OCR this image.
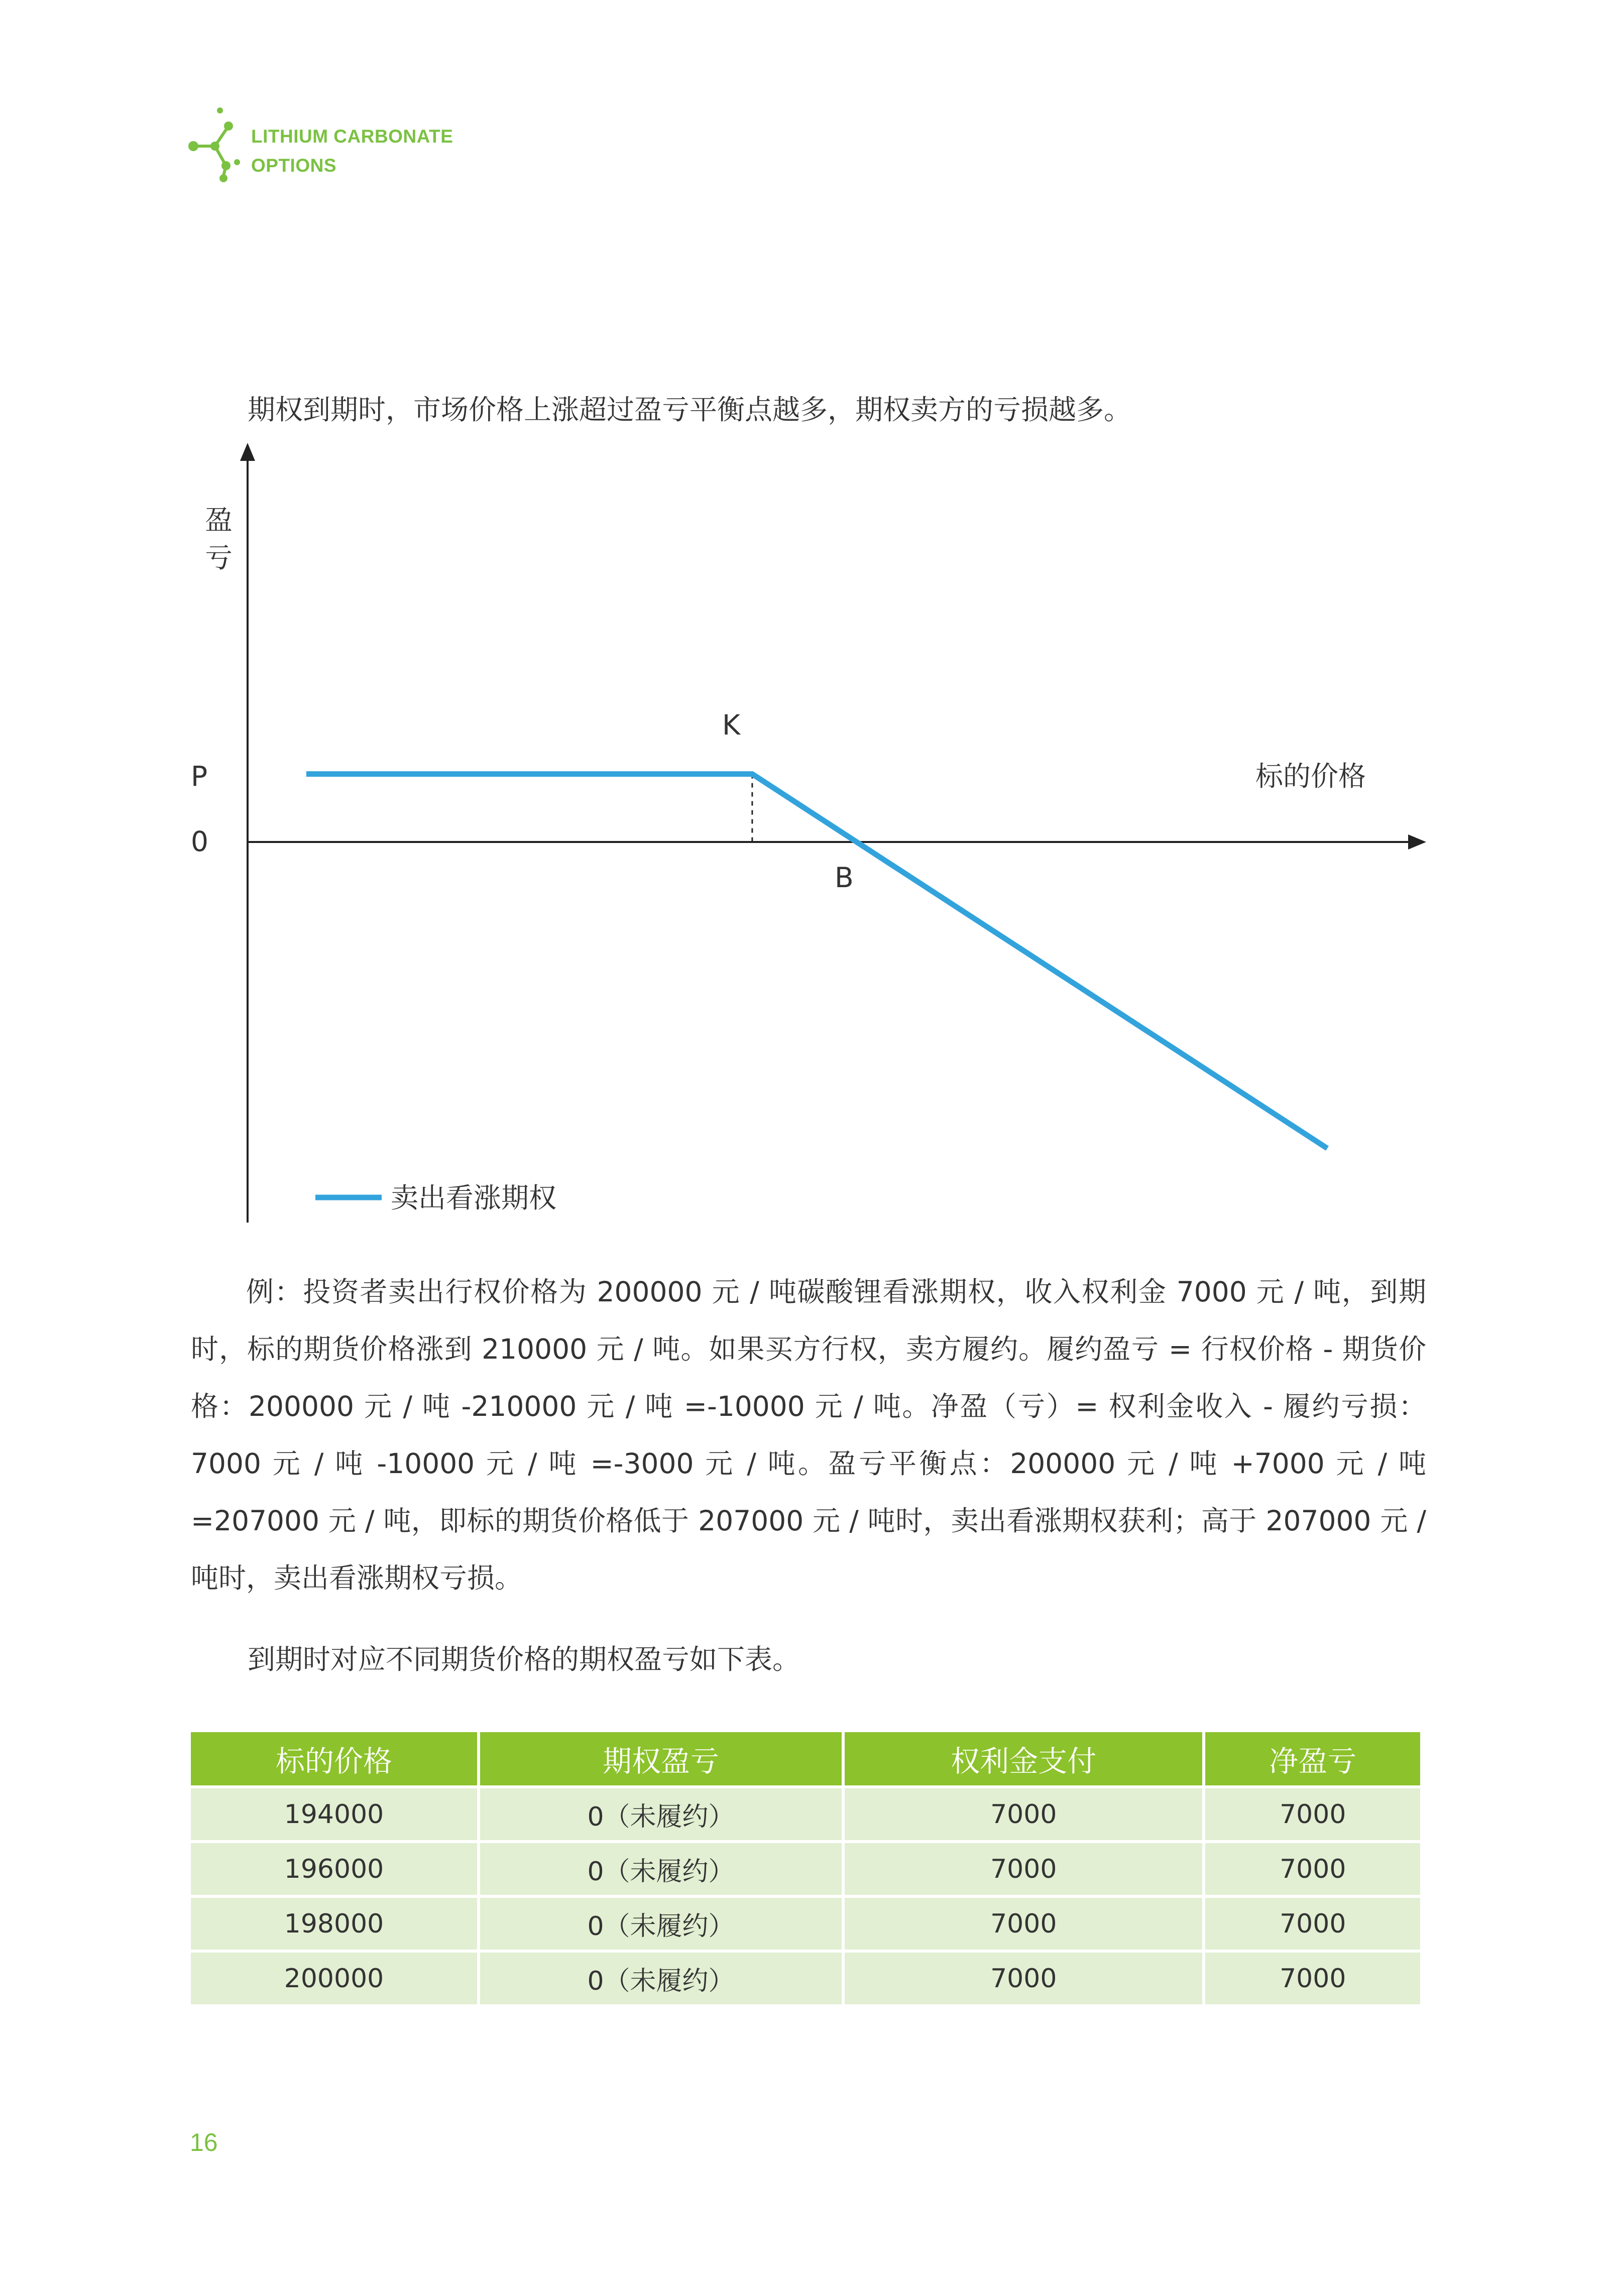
LITHIUM CARBONATE
OPTIONS
期权到期时，市场价格上涨超过盈亏平衡点越多，期权卖方的亏损越多。
盈
亏
P
0
标的价格
K
B
卖出看涨期权
例：投资者卖出行权价格为 200000 元 / 吨碳酸锂看涨期权，收入权利金 7000 元 / 吨，到期时，标的期货价格涨到 210000 元 / 吨。如果买方行权，卖方履约。履约盈亏 = 行权价格 - 期货价格：200000 元 / 吨 -210000 元 / 吨 =-10000 元 / 吨。净盈（亏）= 权利金收入 - 履约亏损：7000 元 / 吨 -10000 元 / 吨 =-3000 元 / 吨。盈亏平衡点：200000 元 / 吨 +7000 元 / 吨 =207000 元 / 吨，即标的期货价格低于 207000 元 / 吨时，卖出看涨期权获利；高于 207000 元 / 吨时，卖出看涨期权亏损。
到期时对应不同期货价格的期权盈亏如下表。
标的价格	期权盈亏	权利金支付	净盈亏
194000	0（未履约）	7000	7000
196000	0（未履约）	7000	7000
198000	0（未履约）	7000	7000
200000	0（未履约）	7000	7000
16
